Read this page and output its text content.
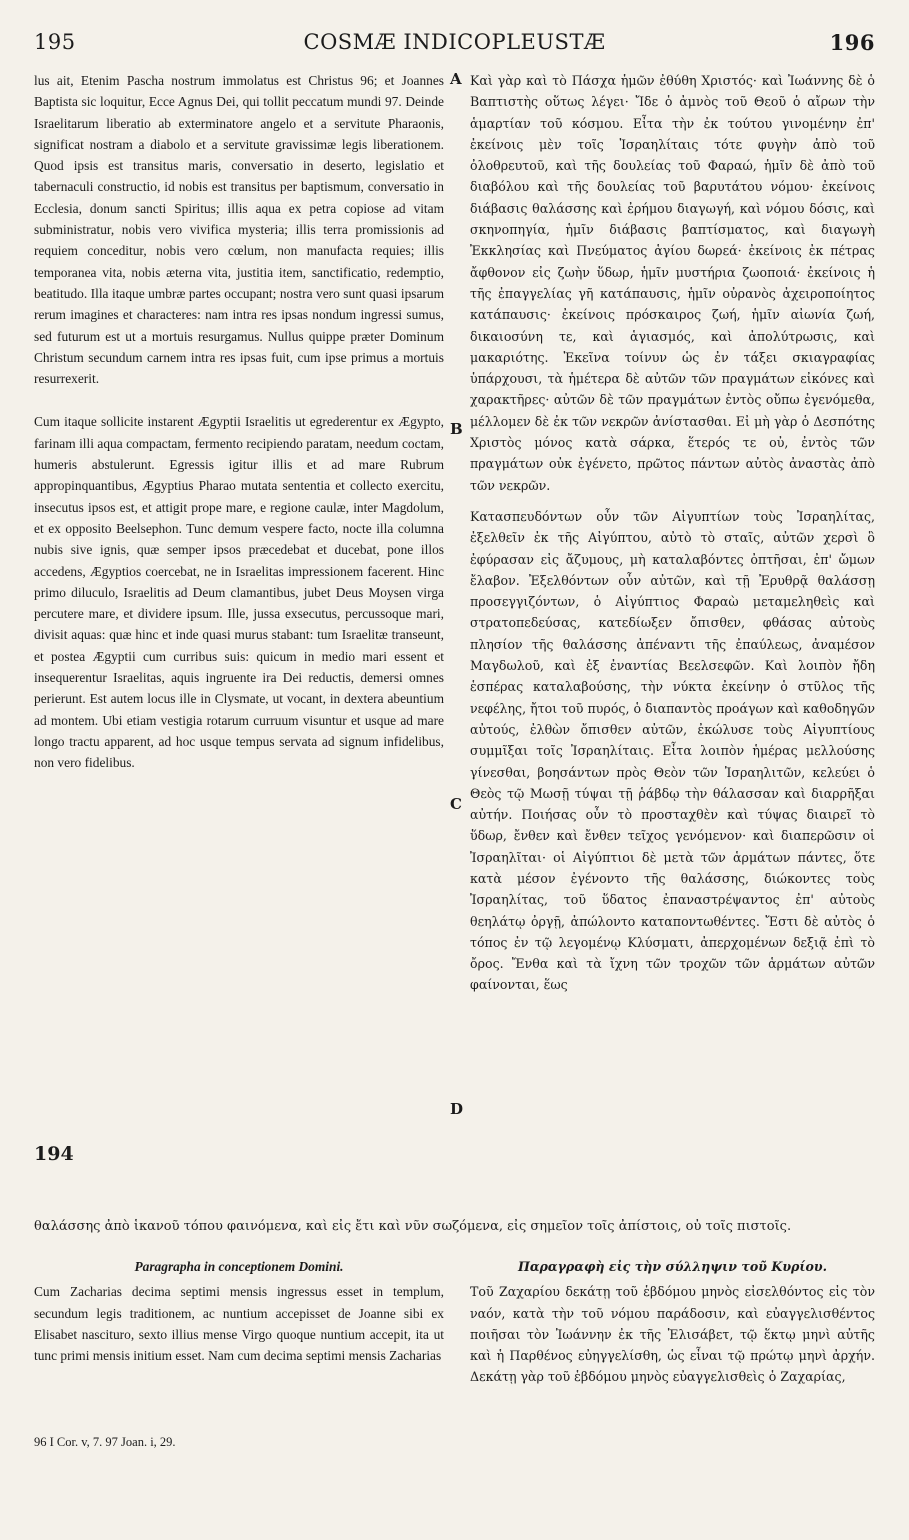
195	COSMÆ INDICOPLEUSTÆ	196

lus ait, Etenim Pascha nostrum immolatus est Christus 96; et Joannes Baptista sic loquitur, Ecce Agnus Dei, qui tollit peccatum mundi 97. Deinde Israelitarum liberatio ab exterminatore angelo et a servitute Pharaonis, significat nostram a diabolo et a servitute gravissimæ legis liberationem. Quod ipsis est transitus maris, conversatio in deserto, legislatio et tabernaculi constructio, id nobis est transitus per baptismum, conversatio in Ecclesia, donum sancti Spiritus; illis aqua ex petra copiose ad vitam subministratur, nobis vero vivifica mysteria; illis terra promissionis ad requiem conceditur, nobis vero cœlum, non manufacta requies; illis temporanea vita, nobis æterna vita, justitia item, sanctificatio, redemptio, beatitudo. Illa itaque umbræ partes occupant; nostra vero sunt quasi ipsarum rerum imagines et characteres: nam intra res ipsas nondum ingressi sumus, sed futurum est ut a mortuis resurgamus. Nullus quippe præter Dominum Christum secundum carnem intra res ipsas fuit, cum ipse primus a mortuis resurrexerit.

Cum itaque sollicite instarent Ægyptii Israelitis ut egrederentur ex Ægypto, farinam illi aqua compactam, fermento recipiendo paratam, needum coctam, humeris abstulerunt. Egressis igitur illis et ad mare Rubrum appropinquantibus, Ægyptius Pharao mutata sententia et collecto exercitu, insecutus ipsos est, et attigit prope mare, e regione caulæ, inter Magdolum, et ex opposito Beelsephon. Tunc demum vespere facto, nocte illa columna nubis sive ignis, quæ semper ipsos præcedebat et ducebat, pone illos accedens, Ægyptios coercebat, ne in Israelitas impressionem facerent. Hinc primo diluculo, Israelitis ad Deum clamantibus, jubet Deus Moysen virga percutere mare, et dividere ipsum. Ille, jussa exsecutus, percussoque mari, divisit aquas: quæ hinc et inde quasi murus stabant: tum Israelitæ transeunt, et postea Ægyptii cum curribus suis: quicum in medio mari essent et insequerentur Israelitas, aquis ingruente ira Dei reductis, demersi omnes perierunt. Est autem locus ille in Clysmate, ut vocant, in dextera abeuntium ad montem. Ubi etiam vestigia rotarum curruum visuntur et usque ad mare longo tractu apparent, ad hoc usque tempus servata ad signum infidelibus, non vero fidelibus.

Καὶ γὰρ καὶ τὸ Πάσχα ἡμῶν ἐθύθη Χριστός· καὶ Ἰωάννης δὲ ὁ Βαπτιστὴς οὕτως λέγει· Ἴδε ὁ ἀμνὸς τοῦ Θεοῦ ὁ αἴρων τὴν ἁμαρτίαν τοῦ κόσμου. Εἶτα τὴν ἐκ τούτου γινομένην ἐπ' ἐκείνοις μὲν τοῖς Ἰσραηλίταις τότε φυγὴν ἀπὸ τοῦ ὀλοθρευτοῦ, καὶ τῆς δουλείας τοῦ Φαραώ, ἡμῖν δὲ ἀπὸ τοῦ διαβόλου καὶ τῆς δουλείας τοῦ βαρυτάτου νόμου· ἐκείνοις διάβασις θαλάσσης καὶ ἐρήμου διαγωγή, καὶ νόμου δόσις, καὶ σκηνοπηγία, ἡμῖν διάβασις βαπτίσματος, καὶ διαγωγὴ Ἐκκλησίας καὶ Πνεύματος ἁγίου δωρεά· ἐκείνοις ἐκ πέτρας ἄφθονον εἰς ζωὴν ὕδωρ, ἡμῖν μυστήρια ζωοποιά· ἐκείνοις ἡ τῆς ἐπαγγελίας γῆ κατάπαυσις, ἡμῖν οὐρανὸς ἀχειροποίητος κατάπαυσις· ἐκείνοις πρόσκαιρος ζωή, ἡμῖν αἰωνία ζωή, δικαιοσύνη τε, καὶ ἁγιασμός, καὶ ἀπολύτρωσις, καὶ μακαριότης. Ἐκεῖνα τοίνυν ὡς ἐν τάξει σκιαγραφίας ὑπάρχουσι, τὰ ἡμέτερα δὲ αὐτῶν τῶν πραγμάτων εἰκόνες καὶ χαρακτῆρες· αὐτῶν δὲ τῶν πραγμάτων ἐντὸς οὔπω ἐγενόμεθα, μέλλομεν δὲ ἐκ τῶν νεκρῶν ἀνίστασθαι. Εἰ μὴ γὰρ ὁ Δεσπότης Χριστὸς μόνος κατὰ σάρκα, ἕτερός τε οὐ, ἐντὸς τῶν πραγμάτων οὐκ ἐγένετο, πρῶτος πάντων αὐτὸς ἀναστὰς ἀπὸ τῶν νεκρῶν.

Κατασπευδόντων οὖν τῶν Αἰγυπτίων τοὺς Ἰσραηλίτας, ἐξελθεῖν ἐκ τῆς Αἰγύπτου, αὐτὸ τὸ σταῖς, αὐτῶν χερσὶ ὃ ἐφύρασαν εἰς ἄζυμους, μὴ καταλαβόντες ὀπτῆσαι, ἐπ' ὤμων ἔλαβον. Ἐξελθόντων οὖν αὐτῶν, καὶ τῇ Ἐρυθρᾷ θαλάσσῃ προσεγγιζόντων, ὁ Αἰγύπτιος Φαραὼ μεταμεληθεὶς καὶ στρατοπεδεύσας, κατεδίωξεν ὄπισθεν, φθάσας αὐτοὺς πλησίον τῆς θαλάσσης ἀπέναντι τῆς ἐπαύλεως, ἀναμέσον Μαγδωλοῦ, καὶ ἐξ ἐναντίας Βεελσεφῶν. Καὶ λοιπὸν ἤδη ἑσπέρας καταλαβούσης, τὴν νύκτα ἐκείνην ὁ στῦλος τῆς νεφέλης, ἤτοι τοῦ πυρός, ὁ διαπαντὸς προάγων καὶ καθοδηγῶν αὐτούς, ἐλθὼν ὄπισθεν αὐτῶν, ἐκώλυσε τοὺς Αἰγυπτίους συμμῖξαι τοῖς Ἰσραηλίταις. Εἶτα λοιπὸν ἡμέρας μελλούσης γίνεσθαι, βοησάντων πρὸς Θεὸν τῶν Ἰσραηλιτῶν, κελεύει ὁ Θεὸς τῷ Μωσῇ τύψαι τῇ ῥάβδῳ τὴν θάλασσαν καὶ διαρρῆξαι αὐτήν. Ποιήσας οὖν τὸ προσταχθὲν καὶ τύψας διαιρεῖ τὸ ὕδωρ, ἔνθεν καὶ ἔνθεν τεῖχος γενόμενον· καὶ διαπερῶσιν οἱ Ἰσραηλῖται· οἱ Αἰγύπτιοι δὲ μετὰ τῶν ἁρμάτων πάντες, ὅτε κατὰ μέσον ἐγένοντο τῆς θαλάσσης, διώκοντες τοὺς Ἰσραηλίτας, τοῦ ὕδατος ἐπαναστρέψαντος ἐπ' αὐτοὺς θεηλάτῳ ὀργῇ, ἀπώλοντο καταποντωθέντες. Ἔστι δὲ αὐτὸς ὁ τόπος ἐν τῷ λεγομένῳ Κλύσματι, ἀπερχομένων δεξιᾷ ἐπὶ τὸ ὄρος. Ἔνθα καὶ τὰ ἴχνη τῶν τροχῶν τῶν ἁρμάτων αὐτῶν φαίνονται, ἕως

A
B
C
D
194
θαλάσσης ἀπὸ ἱκανοῦ τόπου φαινόμενα, καὶ εἰς ἔτι καὶ νῦν σωζόμενα, εἰς σημεῖον τοῖς ἀπίστοις, οὐ τοῖς πιστοῖς.

Paragrapha in conceptionem Domini.

Cum Zacharias decima septimi mensis ingressus esset in templum, secundum legis traditionem, ac nuntium accepisset de Joanne sibi ex Elisabet nasciturо, sexto illius mense Virgo quoque nuntium accepit, ita ut tunc primi mensis initium esset. Nam cum decima septimi mensis Zacharias

Παραγραφὴ εἰς τὴν σύλληψιν τοῦ Κυρίου.

Τοῦ Ζαχαρίου δεκάτῃ τοῦ ἑβδόμου μηνὸς εἰσελθόντος εἰς τὸν ναόν, κατὰ τὴν τοῦ νόμου παράδοσιν, καὶ εὐαγγελισθέντος ποιῆσαι τὸν Ἰωάννην ἐκ τῆς Ἐλισάβετ, τῷ ἕκτῳ μηνὶ αὐτῆς καὶ ἡ Παρθένος εὐηγγελίσθη, ὡς εἶναι τῷ πρώτῳ μηνὶ ἀρχήν. Δεκάτῃ γὰρ τοῦ ἑβδόμου μηνὸς εὐαγγελισθεὶς ὁ Ζαχαρίας,

96 I Cor. v, 7. 97 Joan. i, 29.
